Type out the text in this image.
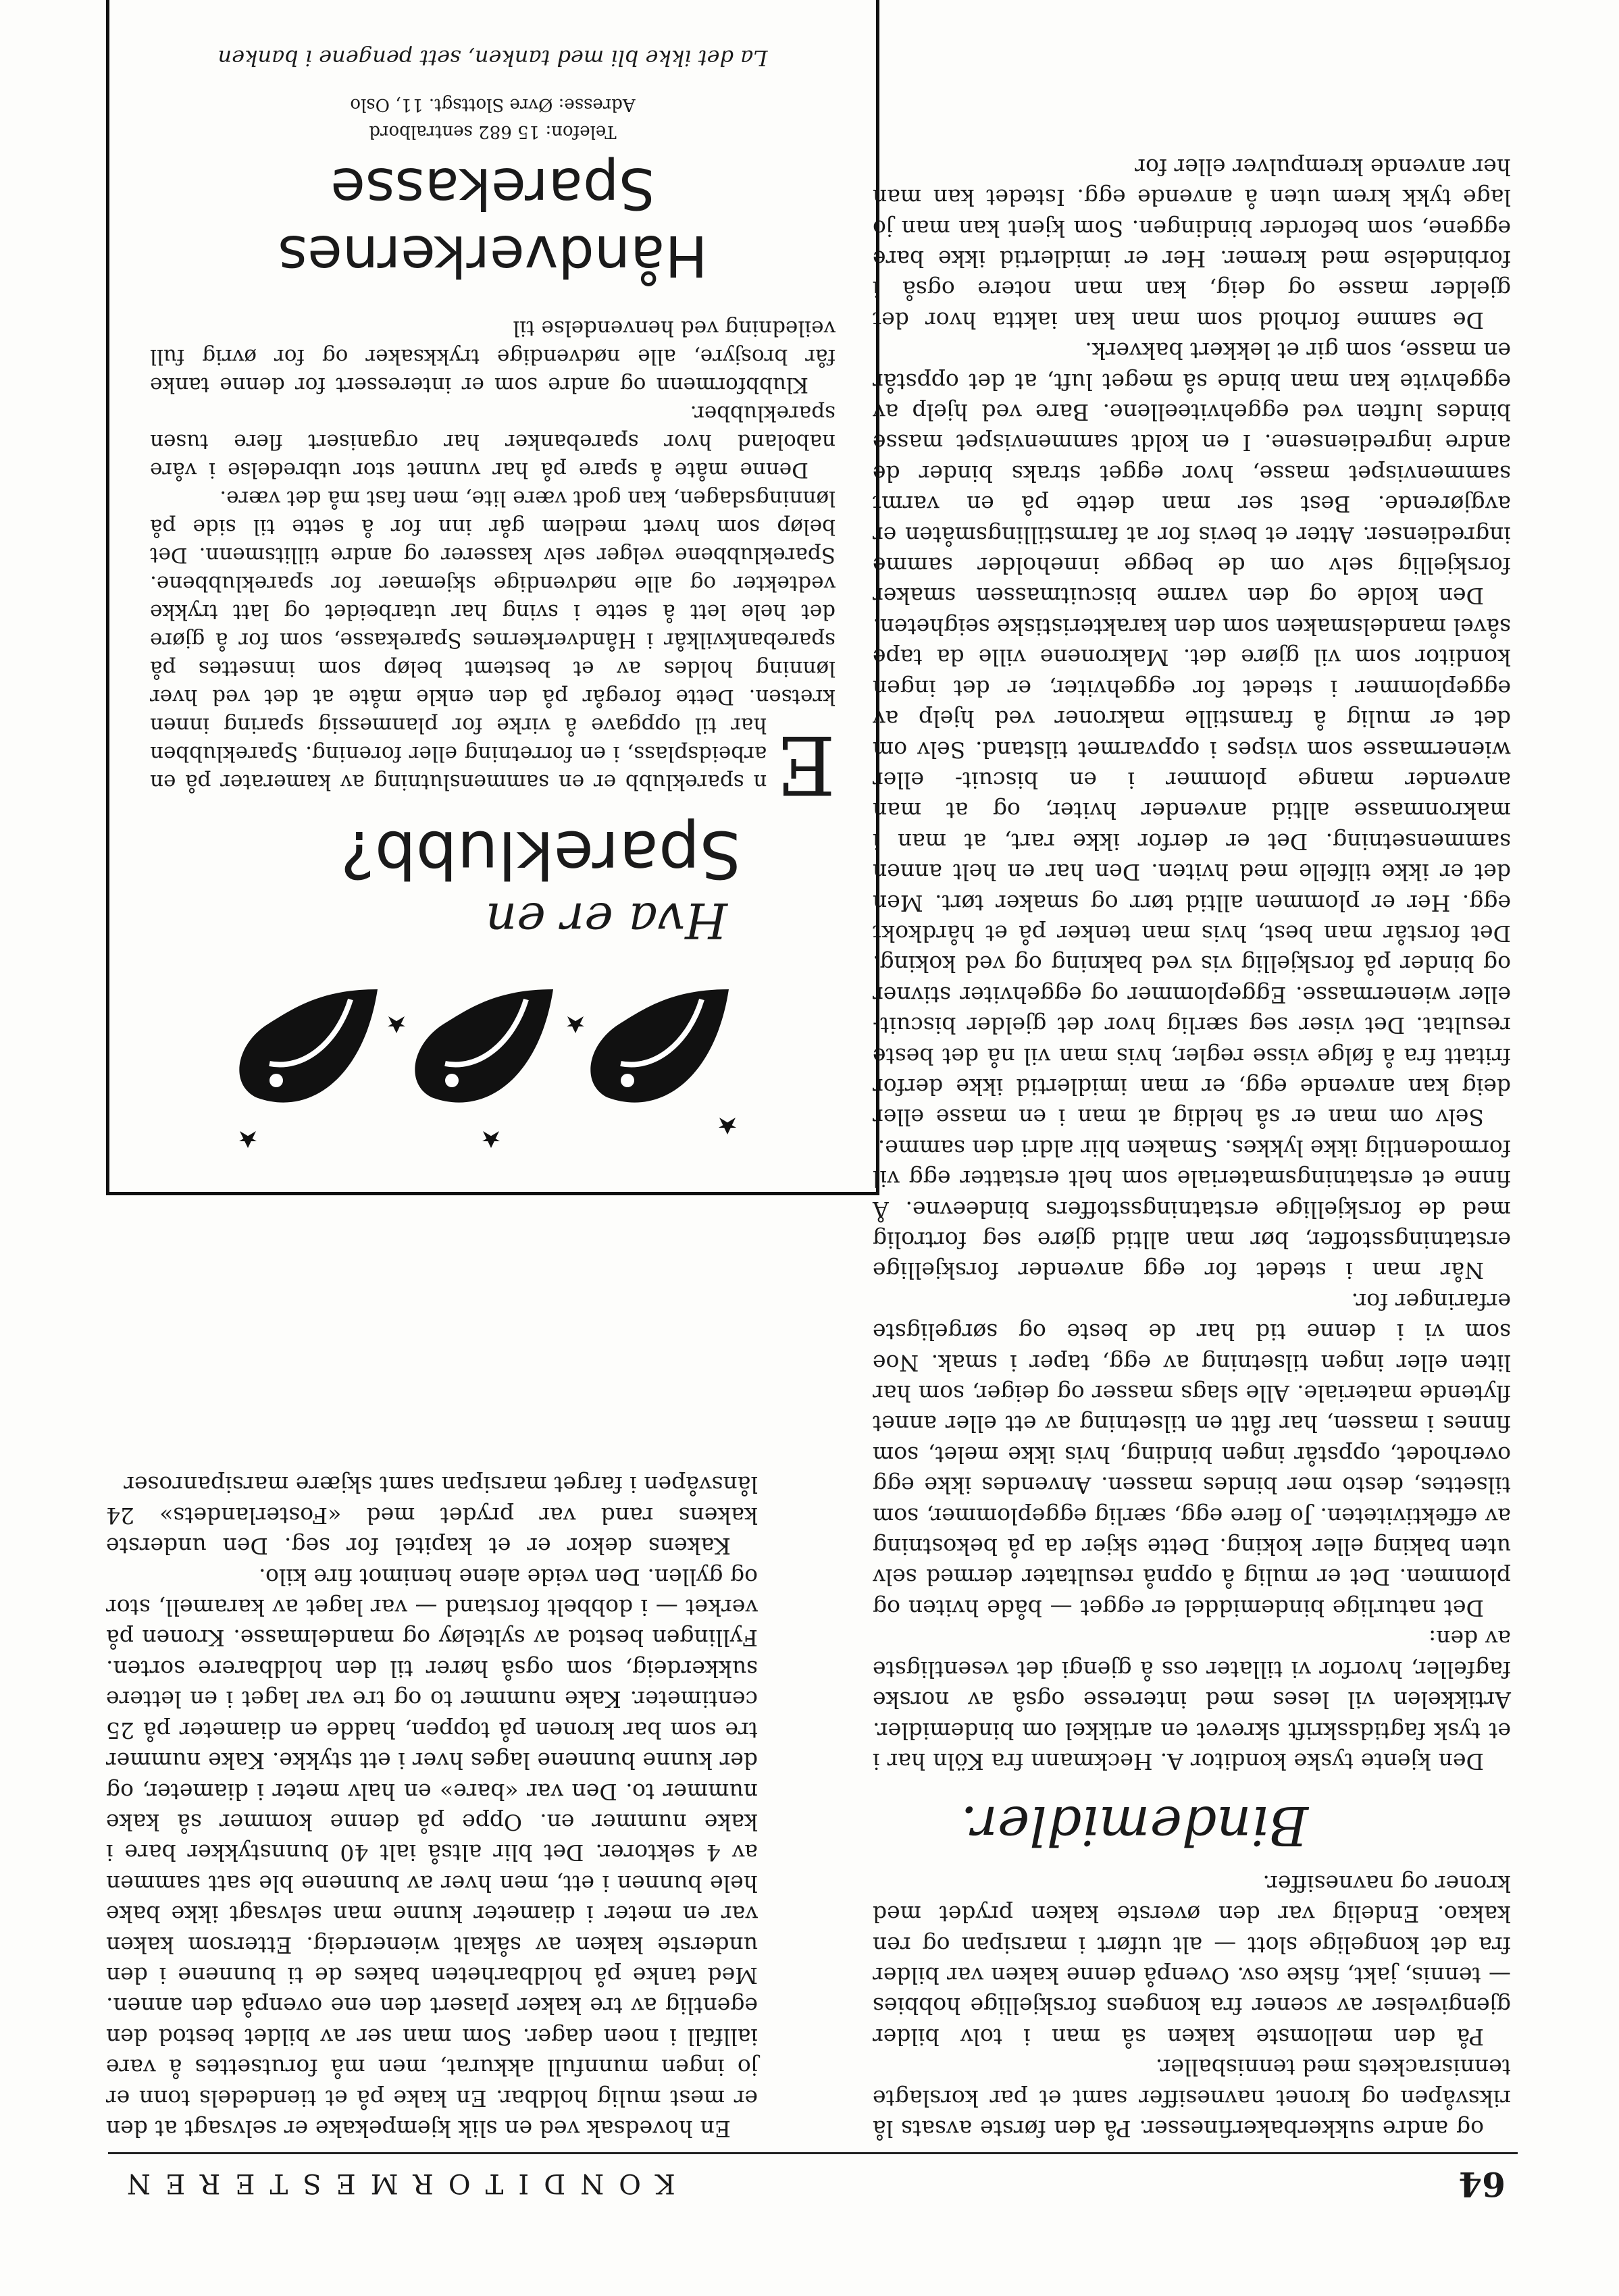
64
KONDITORMESTEREN

og andre sukkerbakerfinesser. På den første avsats lå riksvåpen og kronet navnesiffer samt et par korslagte tennisrackets med tennisballer.

På den mellomste kaken så man i tolv bilder gjengivelser av scener fra kongens forskjellige hobbies — tennis, jakt, fiske osv. Ovenpå denne kaken var bilder fra det kongelige slott — alt utført i marsipan og ren kakao. Endelig var den øverste kaken prydet med kroner og navnesiffer.

Bindemidler.

Den kjente tyske konditor A. Heckmann fra Köln har i et tysk fagtidsskrift skrevet en artikkel om bindemidler. Artikkelen vil leses med interesse også av norske fagfeller, hvorfor vi tillater oss å gjengi det vesentligste av den:

Det naturlige bindemiddel er egget — både hviten og plommen. Det er mulig å oppnå resultater dermed selv uten baking eller koking. Dette skjer da på bekostning av effektiviteten. Jo flere egg, særlig eggeplommer, som tilsettes, desto mer bindes massen. Anvendes ikke egg overhodet, oppstår ingen binding, hvis ikke melet, som finnes i massen, har fått en tilsetning av ett eller annet flytende materiale. Alle slags masser og deiger, som har liten eller ingen tilsetning av egg, taper i smak. Noe som vi i denne tid har de beste og sørgeligste erfaringer for.

Når man i stedet for egg anvender forskjellige erstatningsstoffer, bør man alltid gjøre seg fortrolig med de forskjellige erstatningsstoffers bindeevne. Å finne et erstatningsmateriale som helt erstatter egg vil formodentlig ikke lykkes. Smaken blir aldri den samme.

Selv om man er så heldig at man i en masse eller deig kan anvende egg, er man imidlertid ikke derfor fritatt fra å følge visse regler, hvis man vil nå det beste resultat. Det viser seg særlig hvor det gjelder biscuit- eller wienermasse. Eggeplommer og eggehviter stivner og binder på forskjellig vis ved bakning og ved koking. Det forstår man best, hvis man tenker på et hårdkokt egg. Her er plommen alltid tørr og smaker tørt. Men det er ikke tilfelle med hviten. Den har en helt annen sammensetning. Det er derfor ikke rart, at man i makronmasse alltid anvender hviter, og at man anvender mange plommer i en biscuit- eller wienermasse som vispes i oppvarmet tilstand. Selv om det er mulig å framstille makroner ved hjelp av eggeplommer i stedet for eggehviter, er det ingen konditor som vil gjøre det. Makronene ville da tape såvel mandelsmaken som den karakteristiske seigheten.

Den kolde og den varme biscuitmassen smaker forskjellig selv om de begge inneholder samme ingredienser. Atter et bevis for at farmstillingsmåten er avgjørende. Best ser man dette på en varmt sammenvispet masse, hvor egget straks binder de andre ingrediensene. I en koldt sammenvispet masse bindes luften ved eggehviteellene. Bare ved hjelp av eggehvite kan man binde så meget luft, at det oppstår en masse, som gir et lekkert bakverk.

De samme forhold som man kan iaktta hvor det gjelder masse og deig, kan man notere også i forbindelse med kremer. Her er imidlertid ikke bare eggene, som beforder bindingen. Som kjent kan man jo lage tykk krem uten å anvende egg. Istedet kan man her anvende krempulver eller for

En hovedsak ved en slik kjempekake er selvsagt at den er mest mulig holdbar. En kake på et tiendedels tonn er jo ingen munnfull akkurat, men må forutsettes å vare iallfall i noen dager. Som man ser av bildet bestod den egentlig av tre kaker plasert den ene ovenpå den annen. Med tanke på holdbarheten bakes de ti bunnene i den underste kaken av såkalt wienerdeig. Ettersom kaken var en meter i diameter kunne man selvsagt ikke bake hele bunnen i ett, men hver av bunnene ble satt sammen av 4 sektorer. Det blir altså ialt 40 bunnstykker bare i kake nummer en. Oppe på denne kommer så kake nummer to. Den var «bare» en halv meter i diameter, og der kunne bunnene lages hver i ett stykke. Kake nummer tre som bar kronen på toppen, hadde en diameter på 25 centimeter. Kake nummer to og tre var laget i en lettere sukkerdeig, som også hører til den holdbarere sorten. Fyllingen bestod av sylteløy og mandelmasse. Kronen på verket — i dobbelt forstand — var laget av karamell, stor og gyllen. Den veide alene henimot fire kilo.

Kakens dekor er et kapitel for seg. Den underste kakens rand var prydet med «Fosterlandets» 24 lånsvåpen i farget marsipan samt skjære marsipanroser

Hva er en
Spareklubb?
E
n spareklubb er en sammenslutning av kamerater på en arbeidsplass, i en forretning eller forening. Spareklubben har til oppgave å virke for planmessig sparing innen kretsen. Dette foregår på den enkle måte at det ved hver lønning holdes av et bestemt beløp som innsettes på sparebankvilkår i Håndverkernes Sparekasse, som for å gjøre det hele lett å sette i sving har utarbeidet og latt trykke vedtekter og alle nødvendige skjemaer for spareklubbene. Spareklubbene velger selv kasserer og andre tillitsmenn. Det beløp som hvert medlem går inn for å sette til side på lønningsdagen, kan godt være lite, men fast må det være.

Denne måte å spare på har vunnet stor utbredelse i våre naboland hvor sparebanker har organisert flere tusen spareklubber.

Klubbformenn og andre som er interessert for denne tanke får brosjyre, alle nødvendige trykksaker og for øvrig full veiledning ved henvendelse til

Håndverkernes
Sparekasse
Telefon: 15 682 sentralbord
Adresse: Øvre Slottsgt. 11, Oslo
La det ikke bli med tanken, sett pengene i banken
